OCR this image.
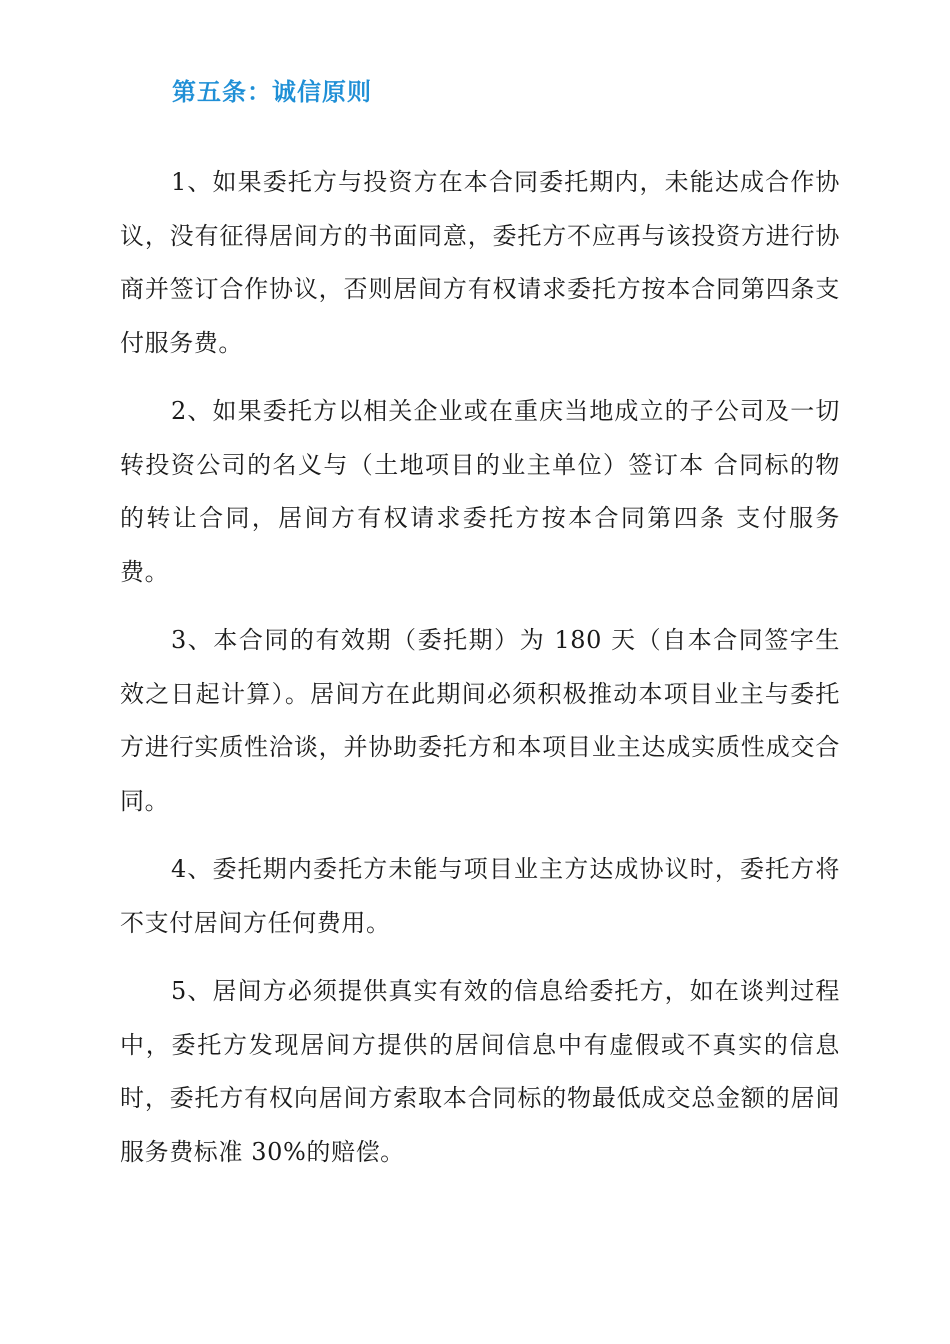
第五条：诚信原则

1、如果委托方与投资方在本合同委托期内，未能达成合作协议，没有征得居间方的书面同意，委托方不应再与该投资方进行协商并签订合作协议，否则居间方有权请求委托方按本合同第四条支付服务费。

2、如果委托方以相关企业或在重庆当地成立的子公司及一切转投资公司的名义与（土地项目的业主单位）签订本 合同标的物的转让合同，居间方有权请求委托方按本合同第四条 支付服务费。

3、本合同的有效期（委托期）为 180 天（自本合同签字生效之日起计算）。居间方在此期间必须积极推动本项目业主与委托方进行实质性洽谈，并协助委托方和本项目业主达成实质性成交合同。

4、委托期内委托方未能与项目业主方达成协议时，委托方将不支付居间方任何费用。

5、居间方必须提供真实有效的信息给委托方，如在谈判过程中，委托方发现居间方提供的居间信息中有虚假或不真实的信息时，委托方有权向居间方索取本合同标的物最低成交总金额的居间服务费标准 30%的赔偿。
